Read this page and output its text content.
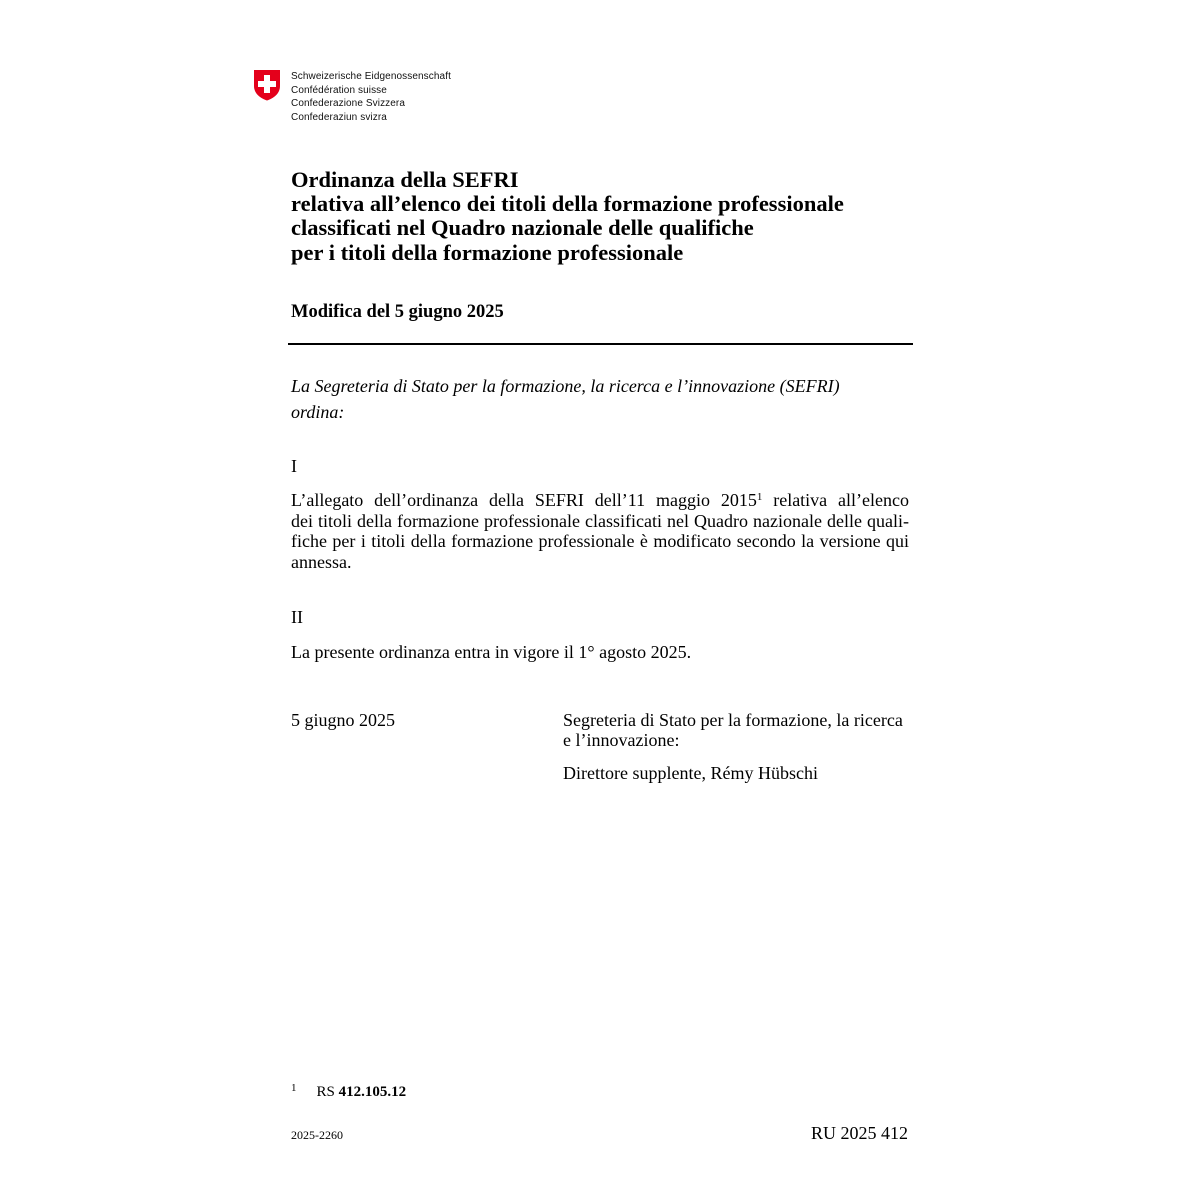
Schweizerische Eidgenossenschaft
Confédération suisse
Confederazione Svizzera
Confederaziun svizra
Ordinanza della SEFRI
relativa all’elenco dei titoli della formazione professionale
classificati nel Quadro nazionale delle qualifiche
per i titoli della formazione professionale
Modifica del 5 giugno 2025
La Segreteria di Stato per la formazione, la ricerca e l’innovazione (SEFRI)
ordina:
I
L’allegato dell’ordinanza della SEFRI dell’11 maggio 2015$^1$ relativa all’elenco
dei titoli della formazione professionale classificati nel Quadro nazionale delle quali-
fiche per i titoli della formazione professionale è modificato secondo la versione qui
annessa.
II
La presente ordinanza entra in vigore il 1° agosto 2025.
5 giugno 2025	Segreteria di Stato per la formazione, la ricerca
e l’innovazione:
Direttore supplente, Rémy Hübschi
$^1$ RS 412.105.12
2025-2260	RU 2025 412
